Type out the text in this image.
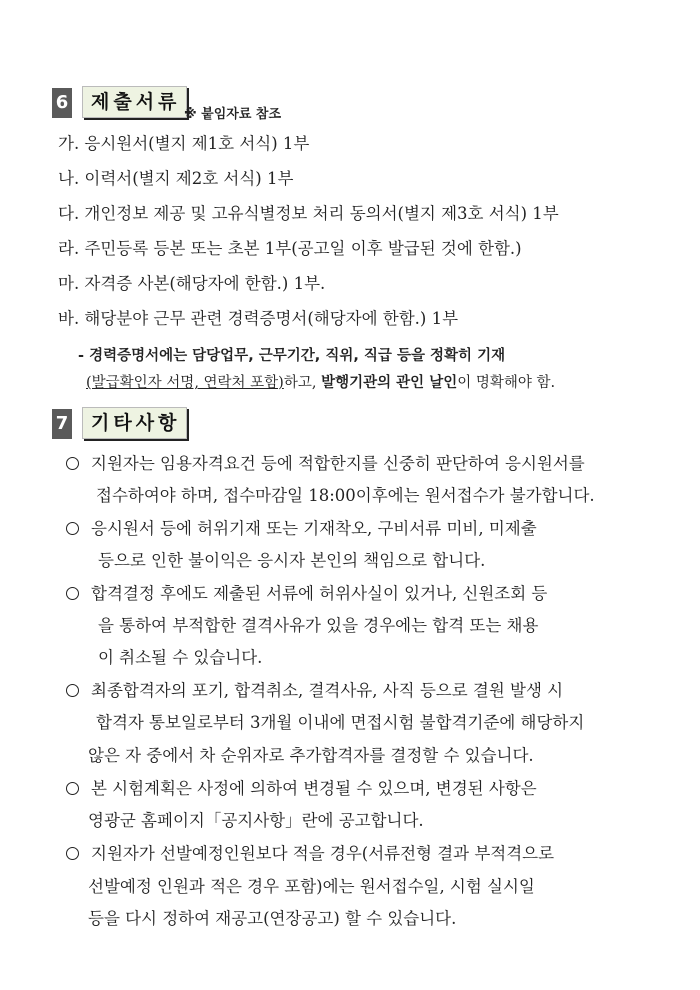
6	제출서류
※ 붙임자료 참조
가. 응시원서(별지 제1호 서식) 1부
나. 이력서(별지 제2호 서식) 1부
다. 개인정보 제공 및 고유식별정보 처리 동의서(별지 제3호 서식) 1부
라. 주민등록 등본 또는 초본 1부(공고일 이후 발급된 것에 한함.)
마. 자격증 사본(해당자에 한함.) 1부.
바. 해당분야 근무 관련 경력증명서(해당자에 한함.) 1부
- 경력증명서에는 담당업무, 근무기간, 직위, 직급 등을 정확히 기재
(발급확인자 서명, 연락처 포함)하고, 발행기관의 관인 날인이 명확해야 함.
7	기타사항
지원자는 임용자격요건 등에 적합한지를 신중히 판단하여 응시원서를
접수하여야 하며, 접수마감일 18:00이후에는 원서접수가 불가합니다.
응시원서 등에 허위기재 또는 기재착오, 구비서류 미비, 미제출
등으로 인한 불이익은 응시자 본인의 책임으로 합니다.
합격결정 후에도 제출된 서류에 허위사실이 있거나, 신원조회 등
을 통하여 부적합한 결격사유가 있을 경우에는 합격 또는 채용
이 취소될 수 있습니다.
최종합격자의 포기, 합격취소, 결격사유, 사직 등으로 결원 발생 시
합격자 통보일로부터 3개월 이내에 면접시험 불합격기준에 해당하지
않은 자 중에서 차 순위자로 추가합격자를 결정할 수 있습니다.
본 시험계획은 사정에 의하여 변경될 수 있으며, 변경된 사항은
영광군 홈페이지「공지사항」란에 공고합니다.
지원자가 선발예정인원보다 적을 경우(서류전형 결과 부적격으로
선발예정 인원과 적은 경우 포함)에는 원서접수일, 시험 실시일
등을 다시 정하여 재공고(연장공고) 할 수 있습니다.
